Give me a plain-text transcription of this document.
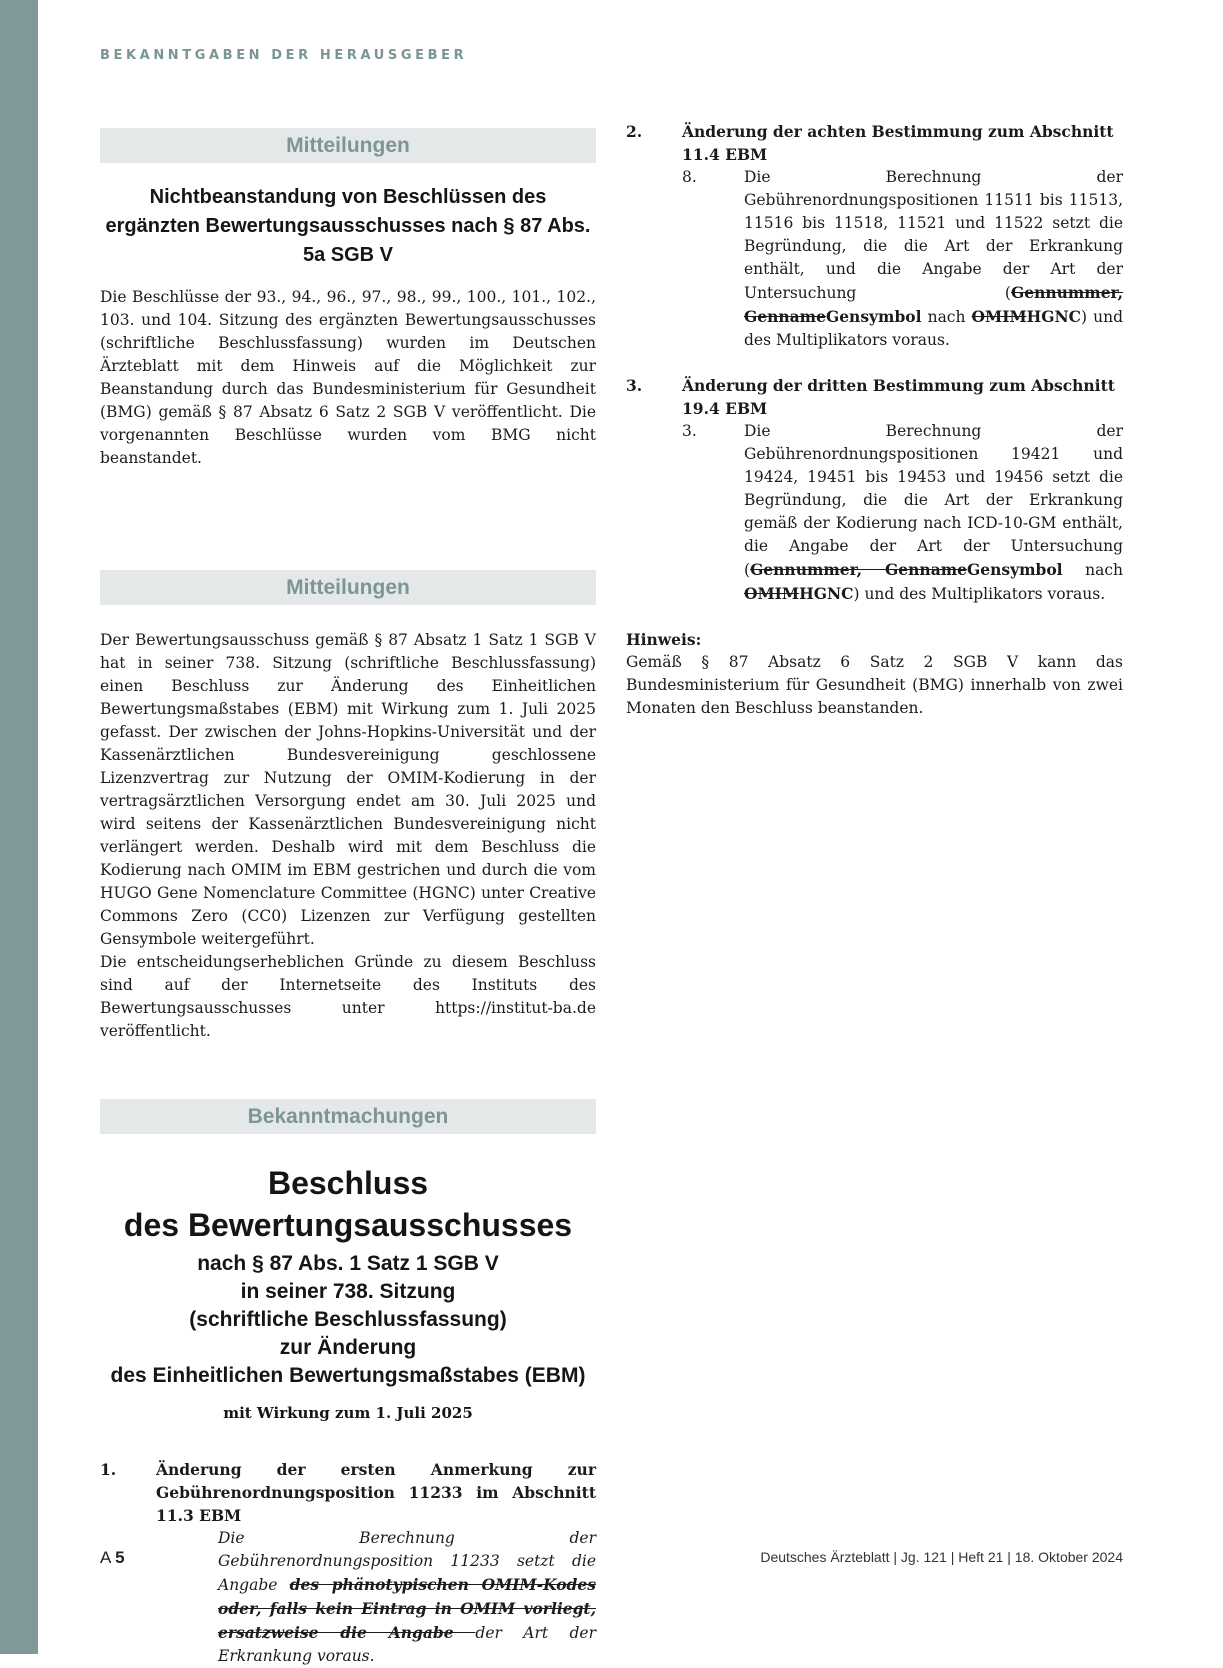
BEKANNTGABEN DER HERAUSGEBER
Mitteilungen
Nichtbeanstandung von Beschlüssen des ergänzten Bewertungsausschusses nach § 87 Abs. 5a SGB V

Die Beschlüsse der 93., 94., 96., 97., 98., 99., 100., 101., 102., 103. und 104. Sitzung des ergänzten Bewertungsausschusses (schriftliche Beschlussfassung) wurden im Deutschen Ärzteblatt mit dem Hinweis auf die Möglichkeit zur Beanstandung durch das Bundesministerium für Gesundheit (BMG) gemäß § 87 Absatz 6 Satz 2 SGB V veröffentlicht. Die vorgenannten Beschlüsse wurden vom BMG nicht beanstandet.

Mitteilungen

Der Bewertungsausschuss gemäß § 87 Absatz 1 Satz 1 SGB V hat in seiner 738. Sitzung (schriftliche Beschlussfassung) einen Beschluss zur Änderung des Einheitlichen Bewertungsmaßstabes (EBM) mit Wirkung zum 1. Juli 2025 gefasst. Der zwischen der Johns-Hopkins-Universität und der Kassenärztlichen Bundesvereinigung geschlossene Lizenzvertrag zur Nutzung der OMIM-Kodierung in der vertragsärztlichen Versorgung endet am 30. Juli 2025 und wird seitens der Kassenärztlichen Bundesvereinigung nicht verlängert werden. Deshalb wird mit dem Beschluss die Kodierung nach OMIM im EBM gestrichen und durch die vom HUGO Gene Nomenclature Committee (HGNC) unter Creative Commons Zero (CC0) Lizenzen zur Verfügung gestellten Gensymbole weitergeführt.

Die entscheidungserheblichen Gründe zu diesem Beschluss sind auf der Internetseite des Instituts des Bewertungsausschusses unter https://institut-ba.de veröffentlicht.

Bekanntmachungen
Beschluss
des Bewertungsausschusses
nach § 87 Abs. 1 Satz 1 SGB V
in seiner 738. Sitzung
(schriftliche Beschlussfassung)
zur Änderung
des Einheitlichen Bewertungsmaßstabes (EBM)
mit Wirkung zum 1. Juli 2025
1.	Änderung der ersten Anmerkung zur Gebührenordnungsposition 11233 im Abschnitt 11.3 EBM
Die Berechnung der Gebührenordnungsposition 11233 setzt die Angabe des phänotypischen OMIM-Kodes oder, falls kein Eintrag in OMIM vorliegt, ersatzweise die Angabe der Art der Erkrankung voraus.
2.	Änderung der achten Bestimmung zum Abschnitt 11.4 EBM
8.	Die Berechnung der Gebührenordnungspositionen 11511 bis 11513, 11516 bis 11518, 11521 und 11522 setzt die Begründung, die die Art der Erkrankung enthält, und die Angabe der Art der Untersuchung (Gennummer, GennameGensymbol nach OMIMHGNC) und des Multiplikators voraus.
3.	Änderung der dritten Bestimmung zum Abschnitt 19.4 EBM
3.	Die Berechnung der Gebührenordnungspositionen 19421 und 19424, 19451 bis 19453 und 19456 setzt die Begründung, die die Art der Erkrankung gemäß der Kodierung nach ICD-10-GM enthält, die Angabe der Art der Untersuchung (Gennummer, GennameGensymbol nach OMIMHGNC) und des Multiplikators voraus.

Hinweis:

Gemäß § 87 Absatz 6 Satz 2 SGB V kann das Bundesministerium für Gesundheit (BMG) innerhalb von zwei Monaten den Beschluss beanstanden.

A 5	Deutsches Ärzteblatt | Jg. 121 | Heft 21 | 18. Oktober 2024
